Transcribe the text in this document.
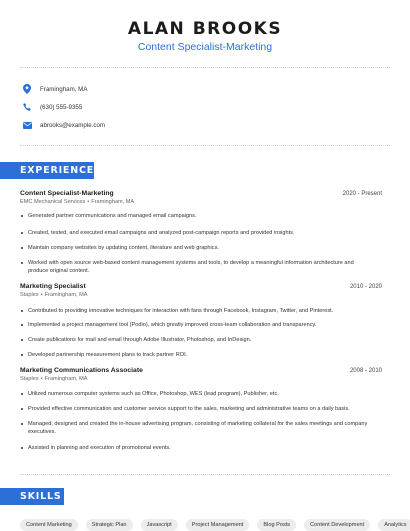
ALAN BROOKS
Content Specialist-Marketing
Framingham, MA
(630) 555-9355
abrooks@example.com
EXPERIENCE
Content Specialist-Marketing	2020 - Present
EMC Mechanical Services • Framingham, MA
Generated partner communications and managed email campaigns.
Created, tested, and executed email campaigns and analyzed post-campaign reports and provided insights.
Maintain company websites by updating content, literature and web graphics.
Worked with open source web-based content management systems and tools, to develop a meaningful information architecture and produce original content.
Marketing Specialist	2010 - 2020
Staples • Framingham, MA
Contributed to providing innovative techniques for interaction with fans through Facebook, Instagram, Twitter, and Pinterest.
Implemented a project management tool (Podio), which greatly improved cross-team collaboration and transparency.
Create publications for mail and email through Adobe Illustrator, Photoshop, and InDesign.
Developed partnership measurement plans to track partner ROI.
Marketing Communications Associate	2008 - 2010
Staples • Framingham, MA
Utilized numerous computer systems such as Office, Photoshop, WES (lead program), Publisher, etc.
Provided effective communication and customer service support to the sales, marketing and administrative teams on a daily basis.
Managed, designed and created the in-house advertising program, consisting of marketing collateral for the sales meetings and company executives.
Assisted in planning and execution of promotional events.
SKILLS
Content Marketing	Strategic Plan	Javascript	Project Management	Blog Posts	Content Development	Analytics
